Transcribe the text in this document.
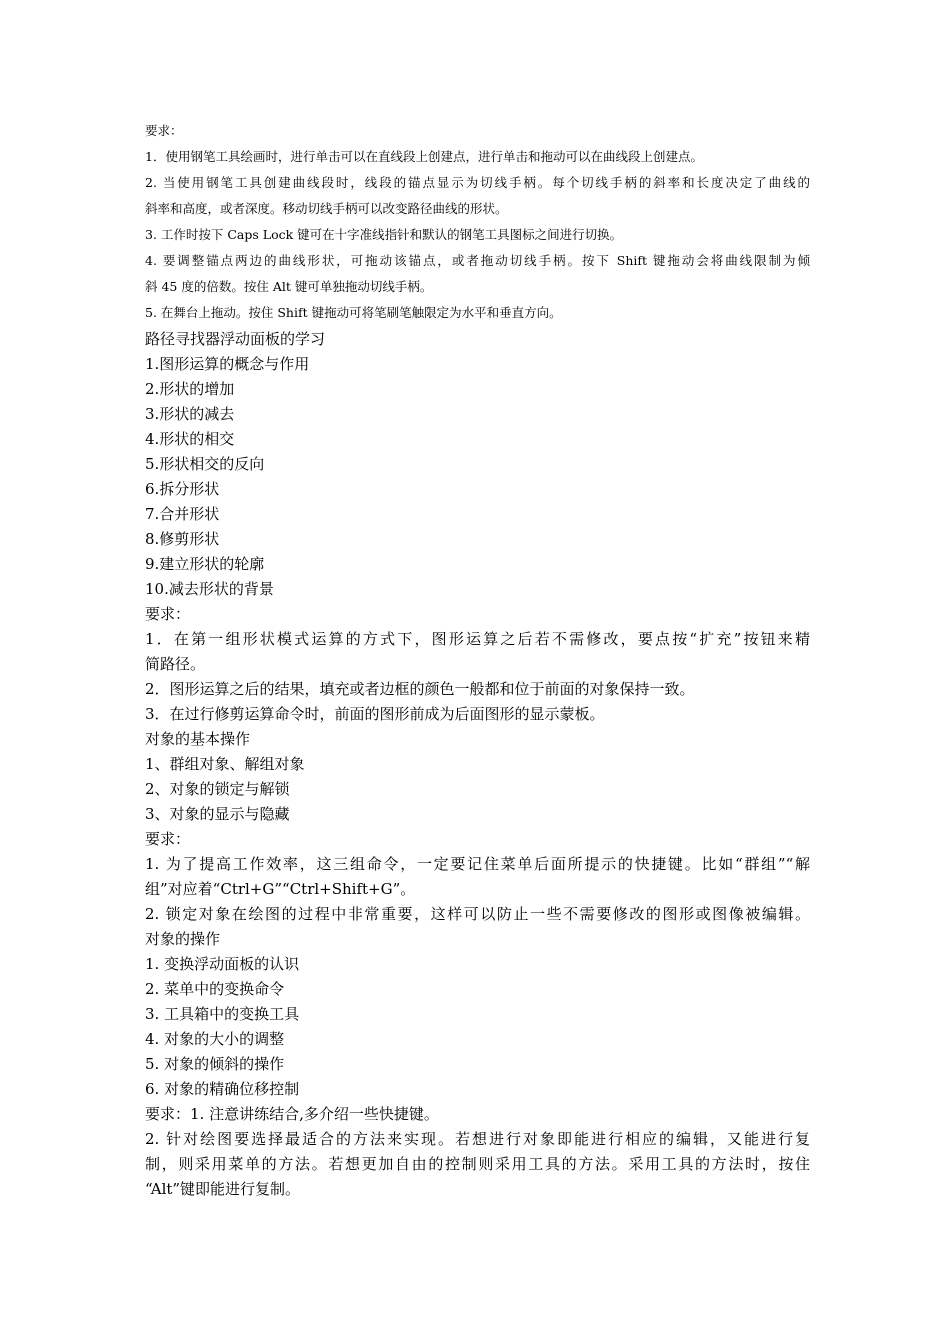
要求：

1．使用钢笔工具绘画时，进行单击可以在直线段上创建点，进行单击和拖动可以在曲线段上创建点。

2. 当使用钢笔工具创建曲线段时，线段的锚点显示为切线手柄。每个切线手柄的斜率和长度决定了曲线的

斜率和高度，或者深度。移动切线手柄可以改变路径曲线的形状。

3. 工作时按下 Caps Lock 键可在十字准线指针和默认的钢笔工具图标之间进行切换。

4. 要调整锚点两边的曲线形状，可拖动该锚点，或者拖动切线手柄。按下 Shift 键拖动会将曲线限制为倾

斜 45 度的倍数。按住 Alt 键可单独拖动切线手柄。

5. 在舞台上拖动。按住 Shift 键拖动可将笔刷笔触限定为水平和垂直方向。

路径寻找器浮动面板的学习

1.图形运算的概念与作用

2.形状的增加

3.形状的减去

4.形状的相交

5.形状相交的反向

6.拆分形状

7.合并形状

8.修剪形状

9.建立形状的轮廓

10.减去形状的背景

要求：

1．在第一组形状模式运算的方式下，图形运算之后若不需修改，要点按“扩充”按钮来精

简路径。

2．图形运算之后的结果，填充或者边框的颜色一般都和位于前面的对象保持一致。

3．在过行修剪运算命令时，前面的图形前成为后面图形的显示蒙板。

对象的基本操作

1、群组对象、解组对象

2、对象的锁定与解锁

3、对象的显示与隐藏

要求：

1. 为了提高工作效率，这三组命令，一定要记住菜单后面所提示的快捷键。比如“群组”“解

组”对应着“Ctrl+G”“Ctrl+Shift+G”。

2. 锁定对象在绘图的过程中非常重要，这样可以防止一些不需要修改的图形或图像被编辑。

对象的操作

1. 变换浮动面板的认识

2. 菜单中的变换命令

3. 工具箱中的变换工具

4. 对象的大小的调整

5. 对象的倾斜的操作

6. 对象的精确位移控制

要求：1. 注意讲练结合,多介绍一些快捷键。

2. 针对绘图要选择最适合的方法来实现。若想进行对象即能进行相应的编辑，又能进行复

制，则采用菜单的方法。若想更加自由的控制则采用工具的方法。采用工具的方法时，按住

“Alt”键即能进行复制。
